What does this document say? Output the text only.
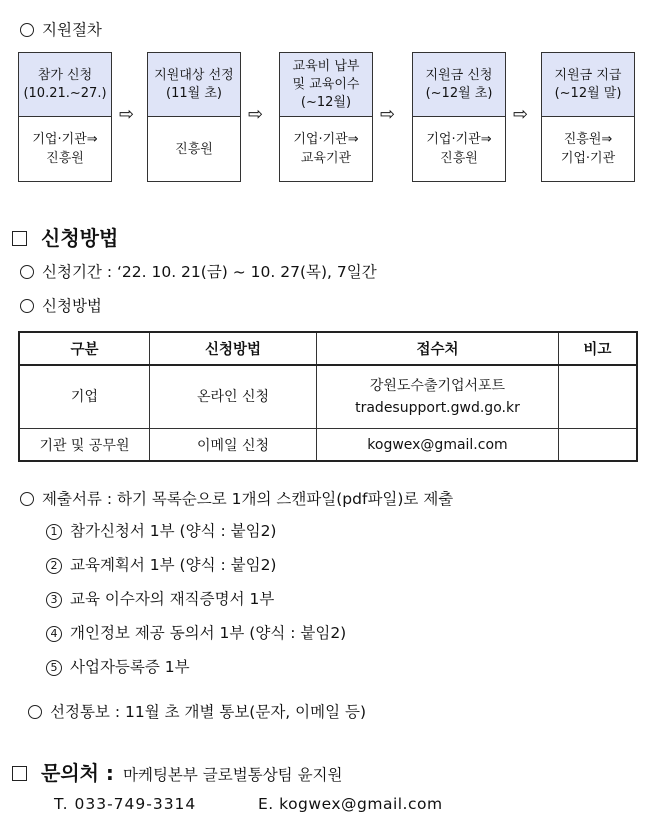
지원절차
참가 신청
(10.21.~27.)
기업·기관⇒
진흥원
⇨
지원대상 선정
(11월 초)
진흥원
⇨
교육비 납부
및 교육이수
(~12월)
기업·기관⇒
교육기관
⇨
지원금 신청
(~12월 초)
기업·기관⇒
진흥원
⇨
지원금 지급
(~12월 말)
진흥원⇒
기업·기관
신청방법
신청기간 : ‘22. 10. 21(금) ~ 10. 27(목), 7일간
신청방법
구분	신청방법	접수처	비고
기업	온라인 신청	강원도수출기업서포트
tradesupport.gwd.go.kr	

기관 및 공무원	이메일 신청	kogwex@gmail.com	

제출서류 : 하기 목록순으로 1개의 스캔파일(pdf파일)로 제출
1 참가신청서 1부 (양식 : 붙임2)
2 교육계획서 1부 (양식 : 붙임2)
3 교육 이수자의 재직증명서 1부
4 개인정보 제공 동의서 1부 (양식 : 붙임2)
5 사업자등록증 1부
선정통보 : 11월 초 개별 통보(문자, 이메일 등)
문의처 : 마케팅본부 글로벌통상팀 윤지원
T. 033-749-3314	E. kogwex@gmail.com
